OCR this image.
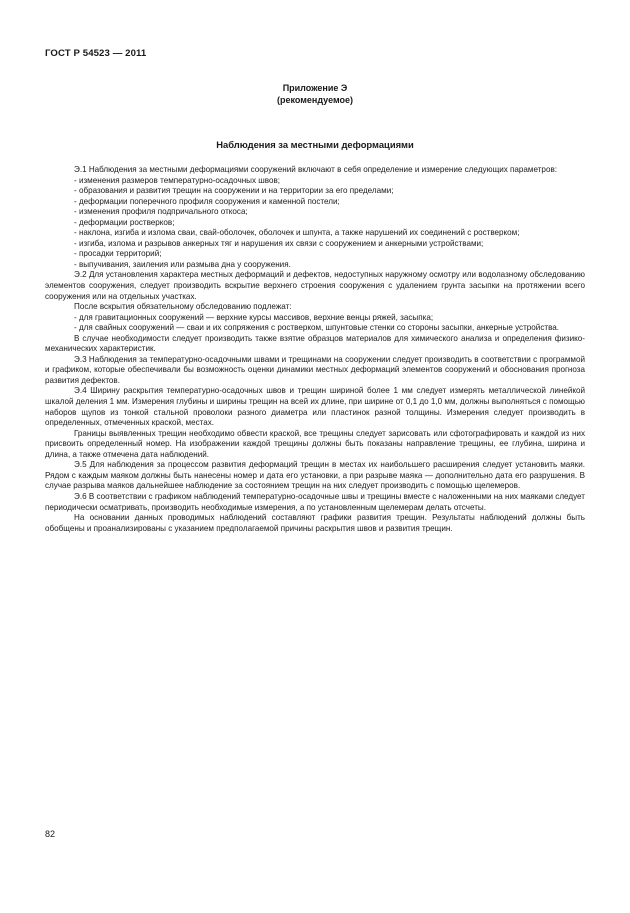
ГОСТ Р 54523 — 2011
Приложение Э
(рекомендуемое)
Наблюдения за местными деформациями

Э.1 Наблюдения за местными деформациями сооружений включают в себя определение и измерение следующих параметров:

- изменения размеров температурно-осадочных швов;

- образования и развития трещин на сооружении и на территории за его пределами;

- деформации поперечного профиля сооружения и каменной постели;

- изменения профиля подпричального откоса;

- деформации ростверков;

- наклона, изгиба и излома сваи, свай-оболочек, оболочек и шпунта, а также нарушений их соединений с ростверком;

- изгиба, излома и разрывов анкерных тяг и нарушения их связи с сооружением и анкерными устройствами;

- просадки территорий;

- выпучивания, заиления или размыва дна у сооружения.

Э.2 Для установления характера местных деформаций и дефектов, недоступных наружному осмотру или водолазному обследованию элементов сооружения, следует производить вскрытие верхнего строения сооружения с удалением грунта засыпки на протяжении всего сооружения или на отдельных участках.

После вскрытия обязательному обследованию подлежат:

- для гравитационных сооружений — верхние курсы массивов, верхние венцы ряжей, засыпка;

- для свайных сооружений — сваи и их сопряжения с ростверком, шпунтовые стенки со стороны засыпки, анкерные устройства.

В случае необходимости следует производить также взятие образцов материалов для химического анализа и определения физико-механических характеристик.

Э.3 Наблюдения за температурно-осадочными швами и трещинами на сооружении следует производить в соответствии с программой и графиком, которые обеспечивали бы возможность оценки динамики местных деформаций элементов сооружений и обоснования прогноза развития дефектов.

Э.4 Ширину раскрытия температурно-осадочных швов и трещин шириной более 1 мм следует измерять металлической линейкой шкалой деления 1 мм. Измерения глубины и ширины трещин на всей их длине, при ширине от 0,1 до 1,0 мм, должны выполняться с помощью наборов щупов из тонкой стальной проволоки разного диаметра или пластинок разной толщины. Измерения следует производить в определенных, отмеченных краской, местах.

Границы выявленных трещин необходимо обвести краской, все трещины следует зарисовать или сфотографировать и каждой из них присвоить определенный номер. На изображении каждой трещины должны быть показаны направление трещины, ее глубина, ширина и длина, а также отмечена дата наблюдений.

Э.5 Для наблюдения за процессом развития деформаций трещин в местах их наибольшего расширения следует установить маяки. Рядом с каждым маяком должны быть нанесены номер и дата его установки, а при разрыве маяка — дополнительно дата его разрушения. В случае разрыва маяков дальнейшее наблюдение за состоянием трещин на них следует производить с помощью щелемеров.

Э.6 В соответствии с графиком наблюдений температурно-осадочные швы и трещины вместе с наложенными на них маяками следует периодически осматривать, производить необходимые измерения, а по установленным щелемерам делать отсчеты.

На основании данных проводимых наблюдений составляют графики развития трещин. Результаты наблюдений должны быть обобщены и проанализированы с указанием предполагаемой причины раскрытия швов и развития трещин.

82
